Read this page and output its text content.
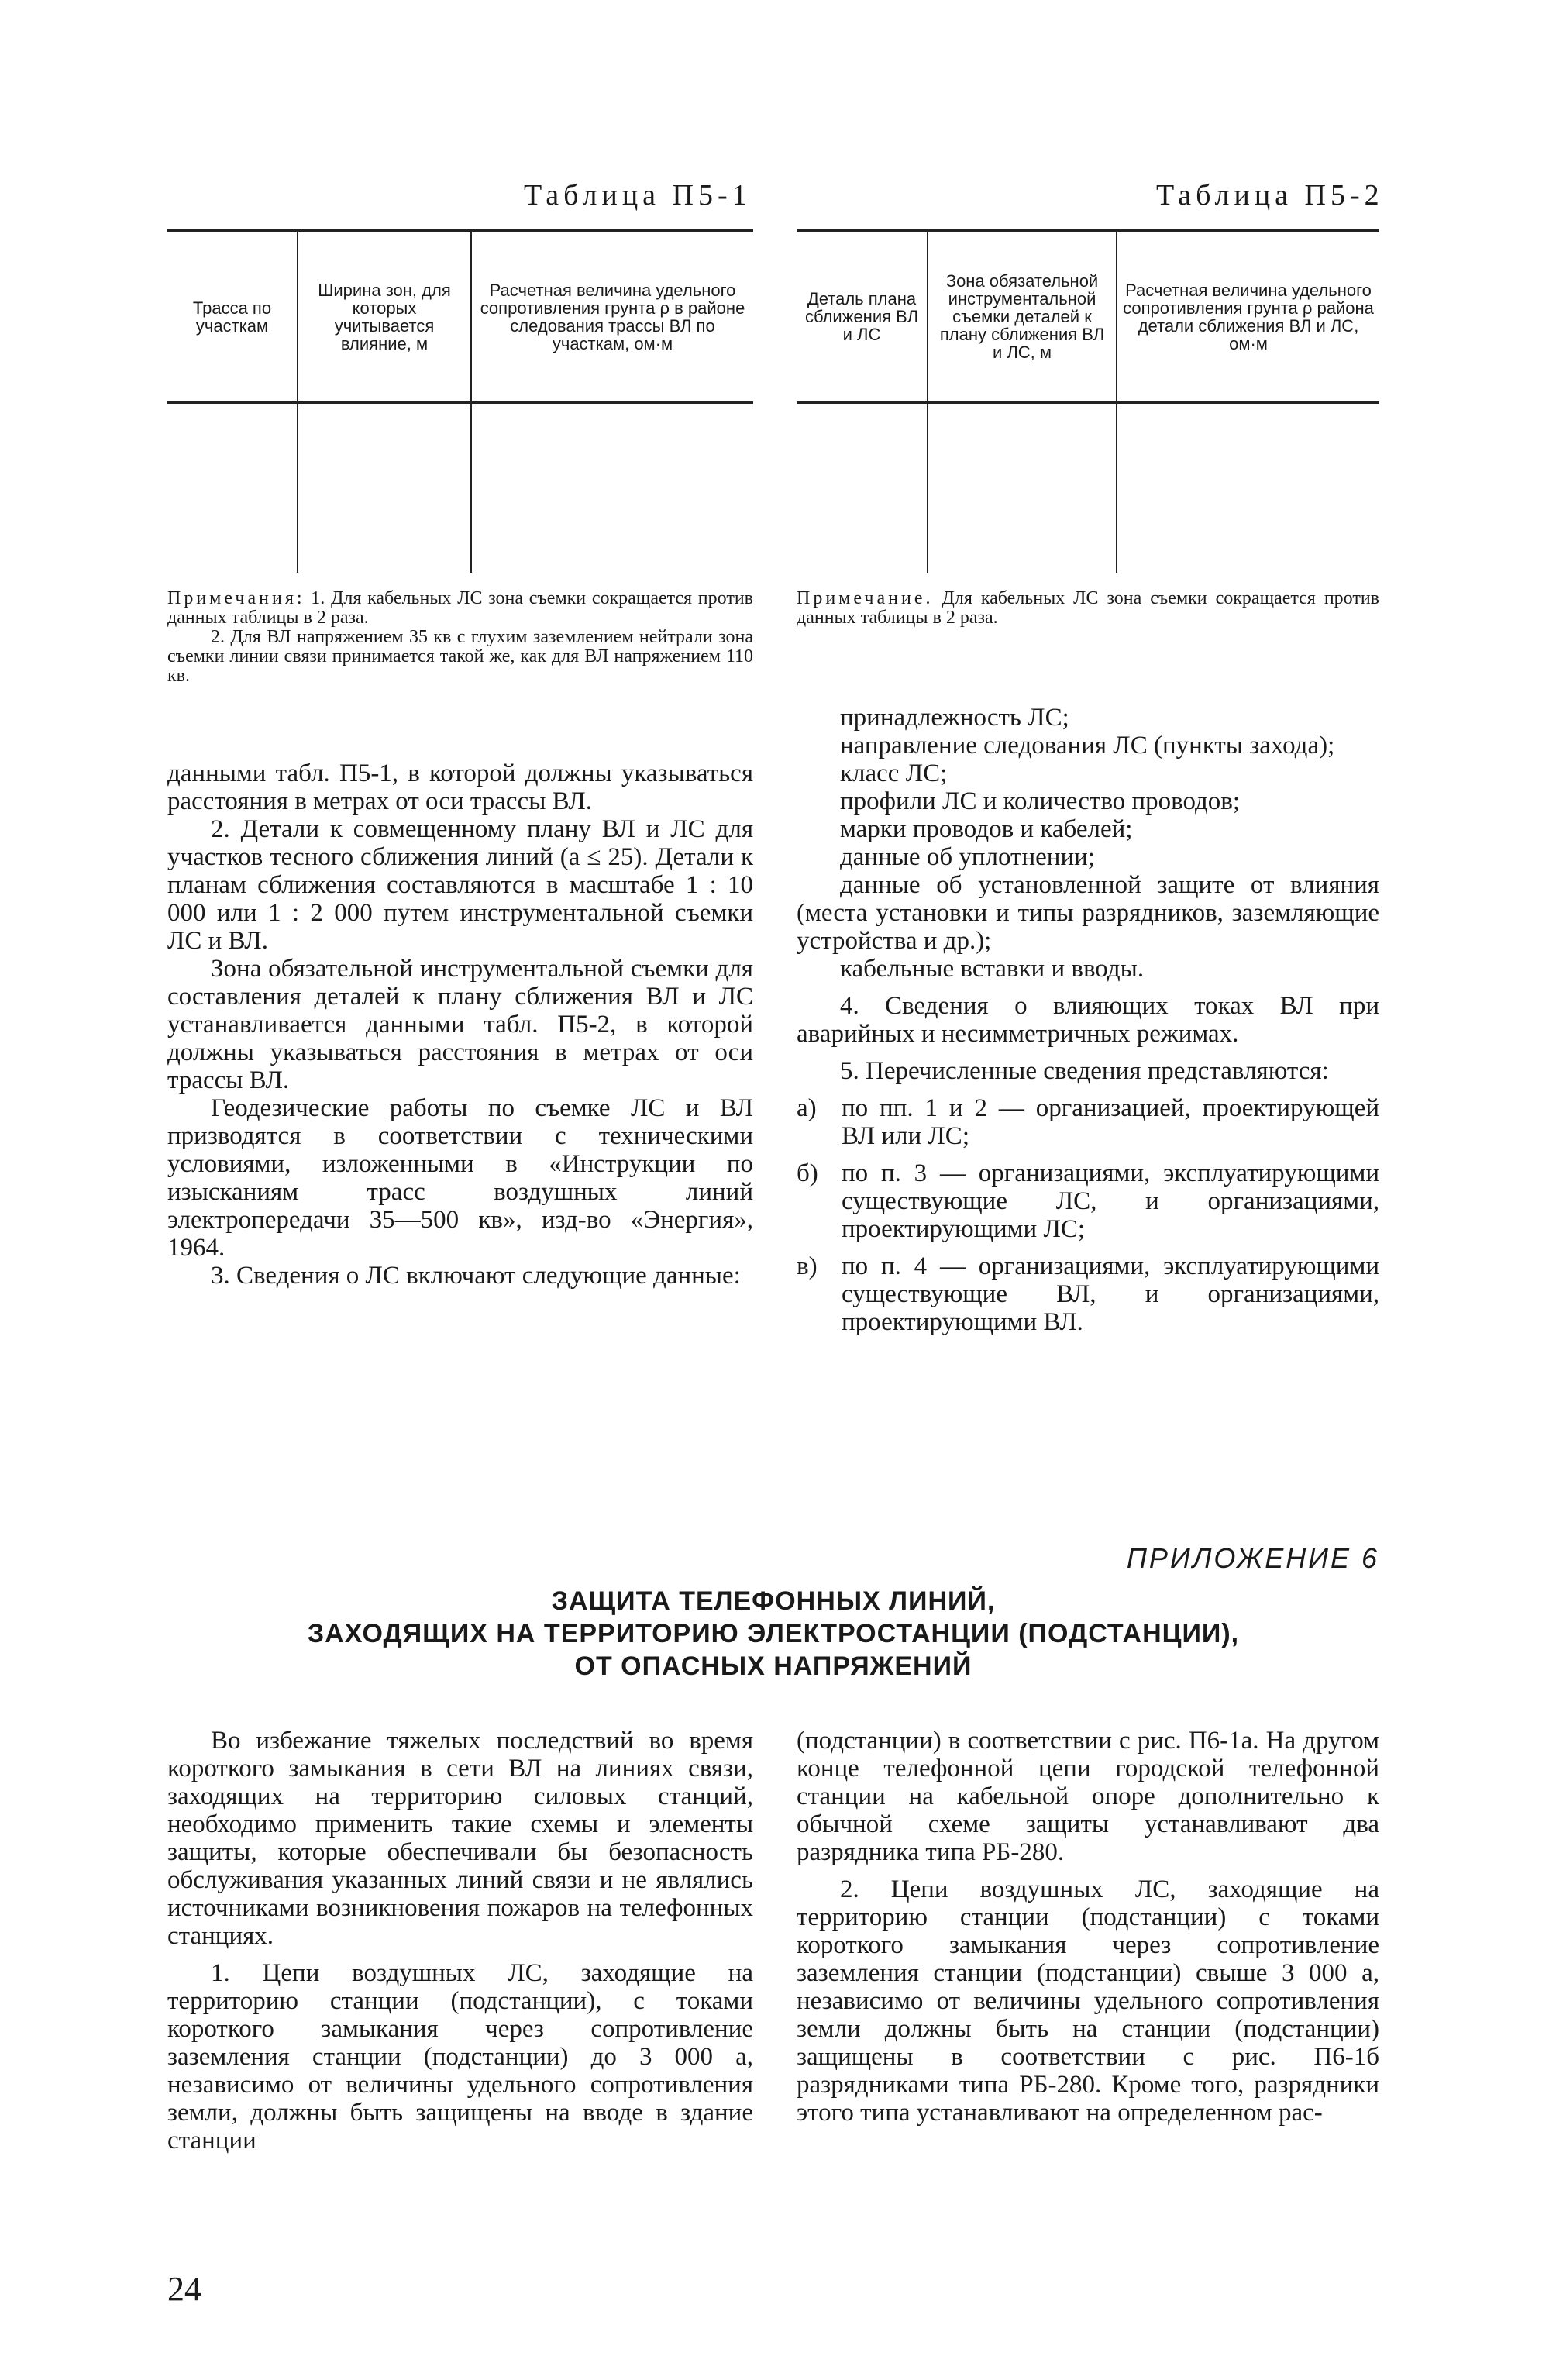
Таблица П5-1
Трасса по участкам	Ширина зон, для которых учитывается влияние, м	Расчетная величина удельного сопротивления грунта ρ в районе следования трассы ВЛ по участкам, ом·м

Примечания: 1. Для кабельных ЛС зона съемки сокращается против данных таблицы в 2 раза.

2. Для ВЛ напряжением 35 кв с глухим заземлением нейтрали зона съемки линии связи принимается такой же, как для ВЛ напряжением 110 кв.

Таблица П5-2
Деталь плана сближения ВЛ и ЛС	Зона обязательной инструментальной съемки деталей к плану сближения ВЛ и ЛС, м	Расчетная величина удельного сопротивления грунта ρ района детали сближения ВЛ и ЛС, ом·м

Примечание. Для кабельных ЛС зона съемки сокращается против данных таблицы в 2 раза.

данными табл. П5-1, в которой должны указываться расстояния в метрах от оси трассы ВЛ.

2. Детали к совмещенному плану ВЛ и ЛС для участков тесного сближения линий (a ≤ 25). Детали к планам сближения составляются в масштабе 1 : 10 000 или 1 : 2 000 путем инструментальной съемки ЛС и ВЛ.

Зона обязательной инструментальной съемки для составления деталей к плану сближения ВЛ и ЛС устанавливается данными табл. П5-2, в которой должны указываться расстояния в метрах от оси трассы ВЛ.

Геодезические работы по съемке ЛС и ВЛ призводятся в соответствии с техническими условиями, изложенными в «Инструкции по изысканиям трасс воздушных линий электропередачи 35—500 кв», изд-во «Энергия», 1964.

3. Сведения о ЛС включают следующие данные:

принадлежность ЛС;

направление следования ЛС (пункты захода);

класс ЛС;

профили ЛС и количество проводов;

марки проводов и кабелей;

данные об уплотнении;

данные об установленной защите от влияния (места установки и типы разрядников, заземляющие устройства и др.);

кабельные вставки и вводы.

4. Сведения о влияющих токах ВЛ при аварийных и несимметричных режимах.

5. Перечисленные сведения представляются:

а) по пп. 1 и 2 — организацией, проектирующей ВЛ или ЛС;

б) по п. 3 — организациями, эксплуатирующими существующие ЛС, и организациями, проектирующими ЛС;

в) по п. 4 — организациями, эксплуатирующими существующие ВЛ, и организациями, проектирующими ВЛ.

ПРИЛОЖЕНИЕ 6
ЗАЩИТА ТЕЛЕФОННЫХ ЛИНИЙ,
ЗАХОДЯЩИХ НА ТЕРРИТОРИЮ ЭЛЕКТРОСТАНЦИИ (ПОДСТАНЦИИ),
ОТ ОПАСНЫХ НАПРЯЖЕНИЙ

Во избежание тяжелых последствий во время короткого замыкания в сети ВЛ на линиях связи, заходящих на территорию силовых станций, необходимо применить такие схемы и элементы защиты, которые обеспечивали бы безопасность обслуживания указанных линий связи и не являлись источниками возникновения пожаров на телефонных станциях.

1. Цепи воздушных ЛС, заходящие на территорию станции (подстанции), с токами короткого замыкания через сопротивление заземления станции (подстанции) до 3 000 а, независимо от величины удельного сопротивления земли, должны быть защищены на вводе в здание станции

(подстанции) в соответствии с рис. П6-1а. На другом конце телефонной цепи городской телефонной станции на кабельной опоре дополнительно к обычной схеме защиты устанавливают два разрядника типа РБ-280.

2. Цепи воздушных ЛС, заходящие на территорию станции (подстанции) с токами короткого замыкания через сопротивление заземления станции (подстанции) свыше 3 000 а, независимо от величины удельного сопротивления земли должны быть на станции (подстанции) защищены в соответствии с рис. П6-1б разрядниками типа РБ-280. Кроме того, разрядники этого типа устанавливают на определенном рас-

24
